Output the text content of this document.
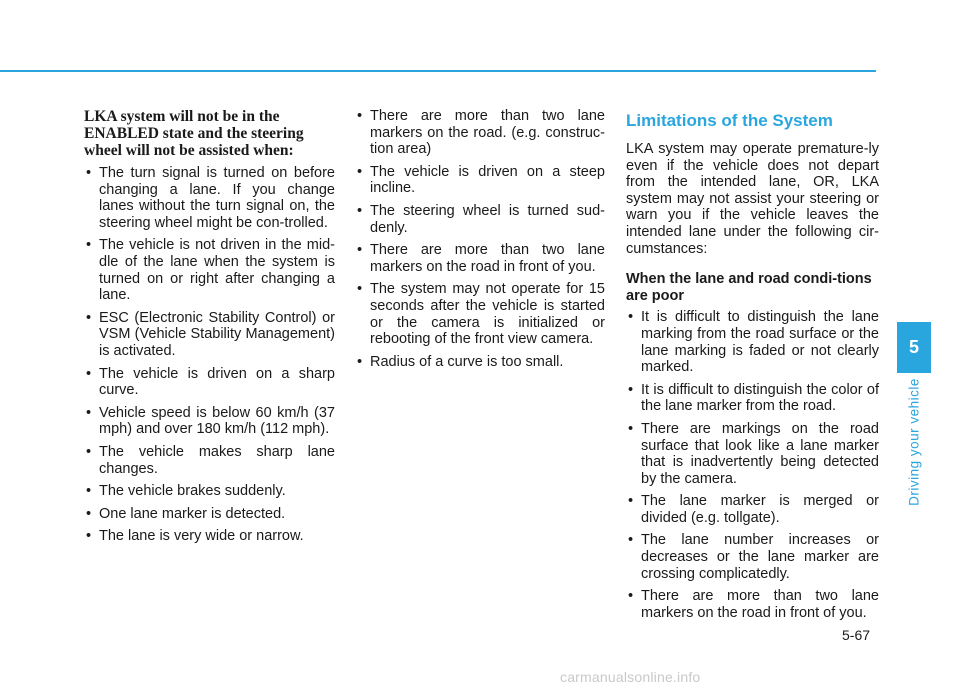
LKA system will not be in the ENABLED state and the steering wheel will not be assisted when:
• The turn signal is turned on before changing a lane. If you change lanes without the turn signal on, the steering wheel might be con-trolled.
• The vehicle is not driven in the mid-dle of the lane when the system is turned on or right after changing a lane.
• ESC (Electronic Stability Control) or VSM (Vehicle Stability Management) is activated.
• The vehicle is driven on a sharp curve.
• Vehicle speed is below 60 km/h (37 mph) and over 180 km/h (112 mph).
• The vehicle makes sharp lane changes.
• The vehicle brakes suddenly.
• One lane marker is detected.
• The lane is very wide or narrow.
• There are more than two lane markers on the road. (e.g. construc-tion area)
• The vehicle is driven on a steep incline.
• The steering wheel is turned sud-denly.
• There are more than two lane markers on the road in front of you.
• The system may not operate for 15 seconds after the vehicle is started or the camera is initialized or rebooting of the front view camera.
• Radius of a curve is too small.
Limitations of the System

LKA system may operate premature-ly even if the vehicle does not depart from the intended lane, OR, LKA system may not assist your steering or warn you if the vehicle leaves the intended lane under the following cir-cumstances:

When the lane and road condi-tions are poor
• It is difficult to distinguish the lane marking from the road surface or the lane marking is faded or not clearly marked.
• It is difficult to distinguish the color of the lane marker from the road.
• There are markings on the road surface that look like a lane marker that is inadvertently being detected by the camera.
• The lane marker is merged or divided (e.g. tollgate).
• The lane number increases or decreases or the lane marker are crossing complicatedly.
• There are more than two lane markers on the road in front of you.
5
Driving your vehicle
5-67
carmanualsonline.info
